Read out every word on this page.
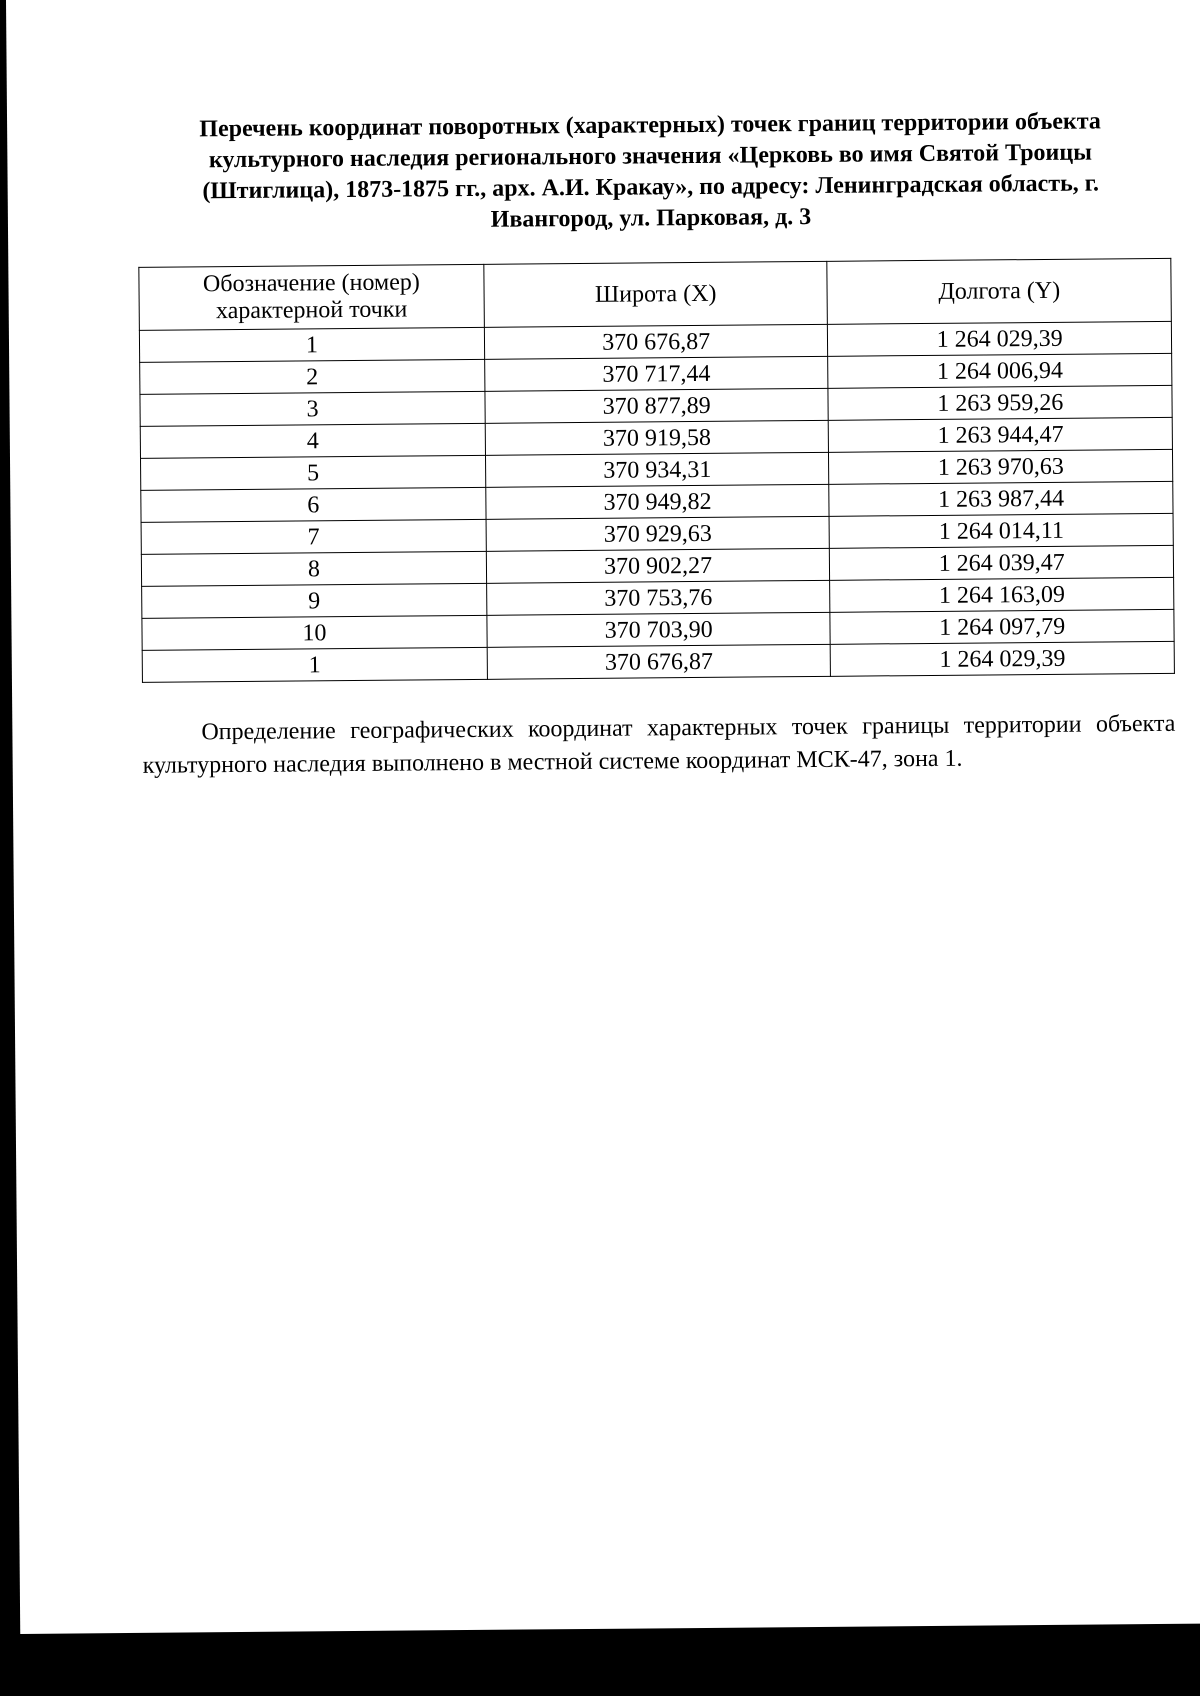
Перечень координат поворотных (характерных) точек границ территории объекта культурного наследия регионального значения «Церковь во имя Святой Троицы (Штиглица), 1873-1875 гг., арх. А.И. Кракау», по адресу: Ленинградская область, г. Ивангород, ул. Парковая, д. 3
Обозначение (номер) характерной точки	Широта (X)	Долгота (Y)
1	370 676,87	1 264 029,39
2	370 717,44	1 264 006,94
3	370 877,89	1 263 959,26
4	370 919,58	1 263 944,47
5	370 934,31	1 263 970,63
6	370 949,82	1 263 987,44
7	370 929,63	1 264 014,11
8	370 902,27	1 264 039,47
9	370 753,76	1 264 163,09
10	370 703,90	1 264 097,79
1	370 676,87	1 264 029,39

Определение географических координат характерных точек границы территории объекта культурного наследия выполнено в местной системе координат МСК-47, зона 1.
